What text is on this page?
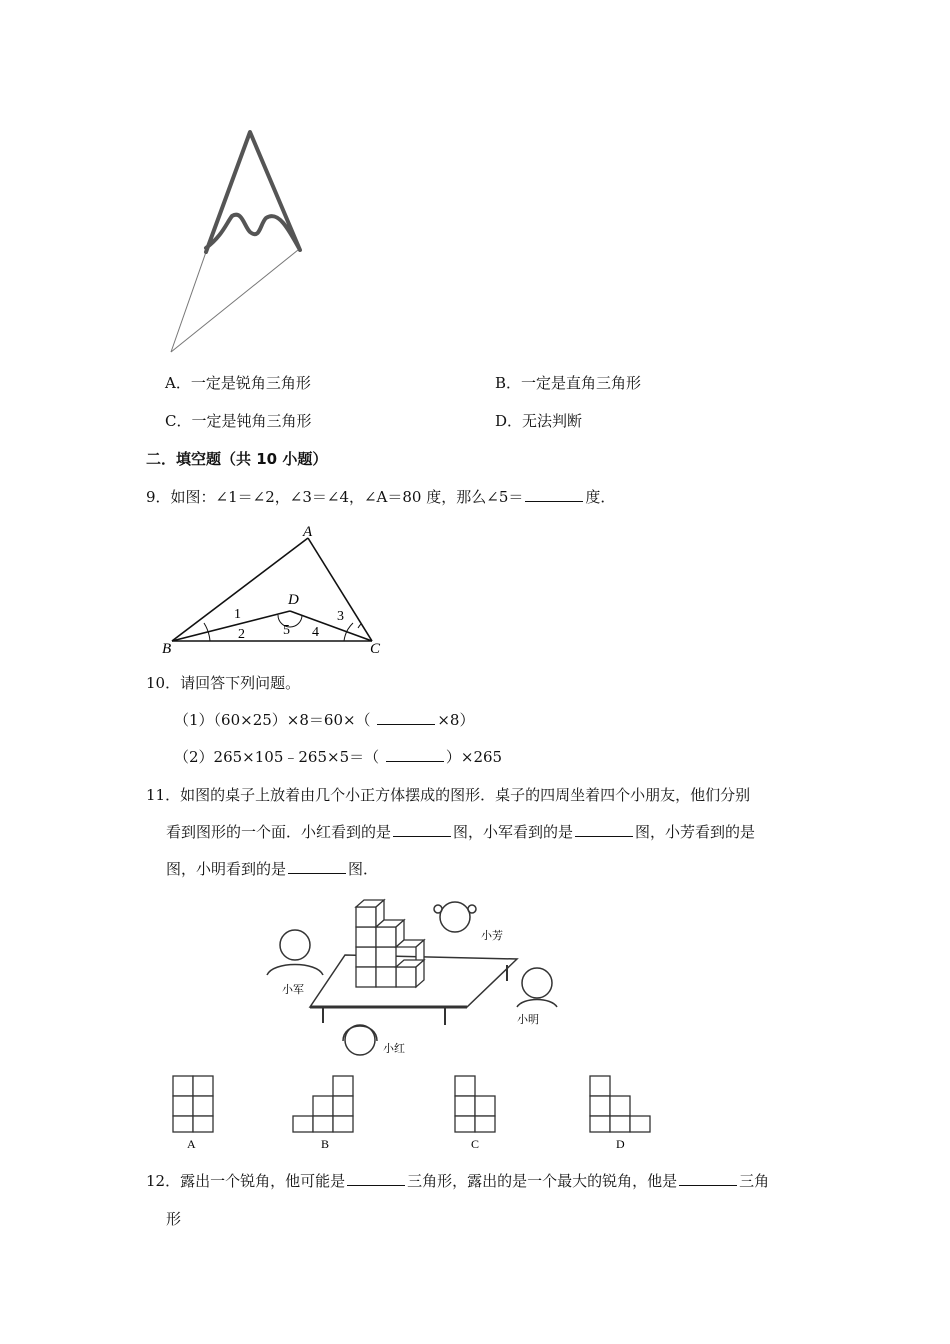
A．一定是锐角三角形	B．一定是直角三角形
C．一定是钝角三角形	D．无法判断
二．填空题（共 10 小题）
9．如图：∠1＝∠2，∠3＝∠4，∠A＝80 度，那么∠5＝	度．
A
B	C
D
1
2
3
4
5
10．请回答下列问题。
（1）（60×25）×8＝60×（	×8）
（2）265×105﹣265×5＝（	）×265
11．如图的桌子上放着由几个小正方体摆成的图形．桌子的四周坐着四个小朋友，他们分别
看到图形的一个面．小红看到的是	图，小军看到的是	图，小芳看到的是
图，小明看到的是	图．
小军
小芳
小明
小红
A	B	C	D
12．露出一个锐角，他可能是	三角形，露出的是一个最大的锐角，他是	三角
形
